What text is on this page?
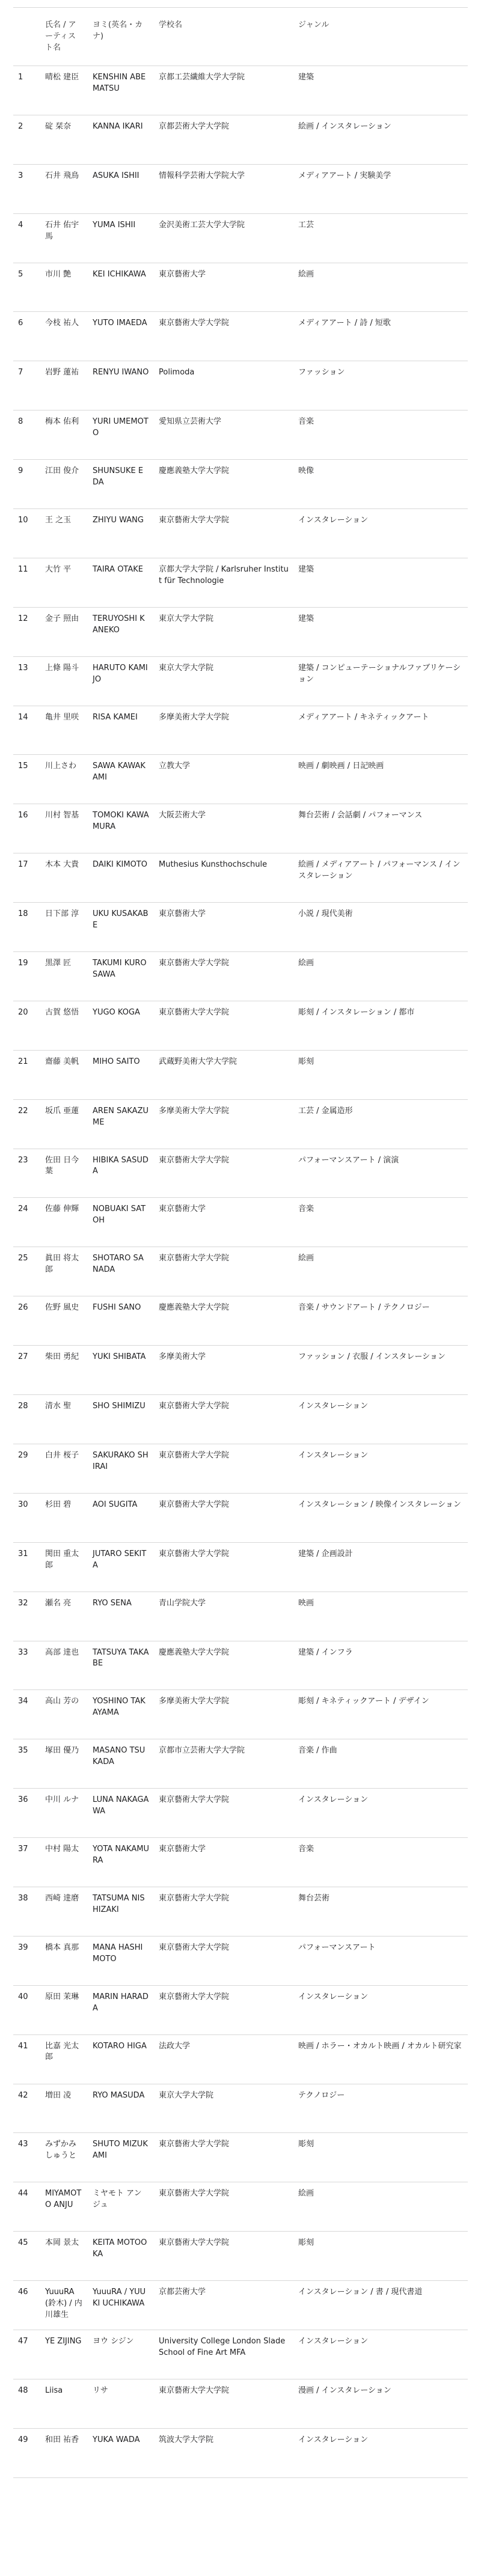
	氏名 / アーティスト名	ヨミ(英名・カナ)	学校名	ジャンル
1	晴松 建臣	KENSHIN ABEMATSU	京都工芸繊維大学大学院	建築
2	碇 栞奈	KANNA IKARI	京都芸術大学大学院	絵画 / インスタレーション
3	石井 飛鳥	ASUKA ISHII	情報科学芸術大学院大学	メディアアート / 実験美学
4	石井 佑宇馬	YUMA ISHII	金沢美術工芸大学大学院	工芸
5	市川 艶	KEI ICHIKAWA	東京藝術大学	絵画
6	今枝 祐人	YUTO IMAEDA	東京藝術大学大学院	メディアアート / 詩 / 短歌
7	岩野 蓮祐	RENYU IWANO	Polimoda	ファッション
8	梅本 佑利	YURI UMEMOTO	愛知県立芸術大学	音楽
9	江田 俊介	SHUNSUKE EDA	慶應義塾大学大学院	映像
10	王 之玉	ZHIYU WANG	東京藝術大学大学院	インスタレーション
11	大竹 平	TAIRA OTAKE	京都大学大学院 / Karlsruher Institut für Technologie	建築
12	金子 照由	TERUYOSHI KANEKO	東京大学大学院	建築
13	上條 陽斗	HARUTO KAMIJO	東京大学大学院	建築 / コンピューテーショナルファブリケーション
14	亀井 里咲	RISA KAMEI	多摩美術大学大学院	メディアアート / キネティックアート
15	川上さわ	SAWA KAWAKAMI	立教大学	映画 / 劇映画 / 日記映画
16	川村 智基	TOMOKI KAWAMURA	大阪芸術大学	舞台芸術 / 会話劇 / パフォーマンス
17	木本 大貴	DAIKI KIMOTO	Muthesius Kunsthochschule	絵画 / メディアアート / パフォーマンス / インスタレーション
18	日下部 淳	UKU KUSAKABE	東京藝術大学	小説 / 現代美術
19	黒澤 匠	TAKUMI KUROSAWA	東京藝術大学大学院	絵画
20	古賀 悠悟	YUGO KOGA	東京藝術大学大学院	彫刻 / インスタレーション / 都市
21	齋藤 美帆	MIHO SAITO	武蔵野美術大学大学院	彫刻
22	坂爪 亜蓮	AREN SAKAZUME	多摩美術大学大学院	工芸 / 金属造形
23	佐田 日今葉	HIBIKA SASUDA	東京藝術大学大学院	パフォーマンスアート / 演演
24	佐藤 伸輝	NOBUAKI SATOH	東京藝術大学	音楽
25	眞田 将太郎	SHOTARO SANADA	東京藝術大学大学院	絵画
26	佐野 風史	FUSHI SANO	慶應義塾大学大学院	音楽 / サウンドアート / テクノロジー
27	柴田 勇紀	YUKI SHIBATA	多摩美術大学	ファッション / 衣服 / インスタレーション
28	清水 聖	SHO SHIMIZU	東京藝術大学大学院	インスタレーション
29	白井 桜子	SAKURAKO SHIRAI	東京藝術大学大学院	インスタレーション
30	杉田 碧	AOI SUGITA	東京藝術大学大学院	インスタレーション / 映像インスタレーション
31	関田 重太郎	JUTARO SEKITA	東京藝術大学大学院	建築 / 企画設計
32	瀬名 亮	RYO SENA	青山学院大学	映画
33	高部 達也	TATSUYA TAKABE	慶應義塾大学大学院	建築 / インフラ
34	高山 芳の	YOSHINO TAKAYAMA	多摩美術大学大学院	彫刻 / キネティックアート / デザイン
35	塚田 優乃	MASANO TSUKADA	京都市立芸術大学大学院	音楽 / 作曲
36	中川 ルナ	LUNA NAKAGAWA	東京藝術大学大学院	インスタレーション
37	中村 陽太	YOTA NAKAMURA	東京藝術大学	音楽
38	西崎 達磨	TATSUMA NISHIZAKI	東京藝術大学大学院	舞台芸術
39	橋本 真那	MANA HASHIMOTO	東京藝術大学大学院	パフォーマンスアート
40	原田 茉琳	MARIN HARADA	東京藝術大学大学院	インスタレーション
41	比嘉 光太郎	KOTARO HIGA	法政大学	映画 / ホラー・オカルト映画 / オカルト研究家
42	増田 凌	RYO MASUDA	東京大学大学院	テクノロジー
43	みずかみしゅうと	SHUTO MIZUKAMI	東京藝術大学大学院	彫刻
44	MIYAMOTO ANJU	ミヤモト アンジュ	東京藝術大学大学院	絵画
45	本岡 景太	KEITA MOTOOKA	東京藝術大学大学院	彫刻
46	YuuuRA (鈴木) / 内川雄生	YuuuRA / YUUKI UCHIKAWA	京都芸術大学	インスタレーション / 書 / 現代書道
47	YE ZIJING	ヨウ シジン	University College London Slade School of Fine Art MFA	インスタレーション
48	Liisa	リサ	東京藝術大学大学院	漫画 / インスタレーション
49	和田 祐香	YUKA WADA	筑波大学大学院	インスタレーション
